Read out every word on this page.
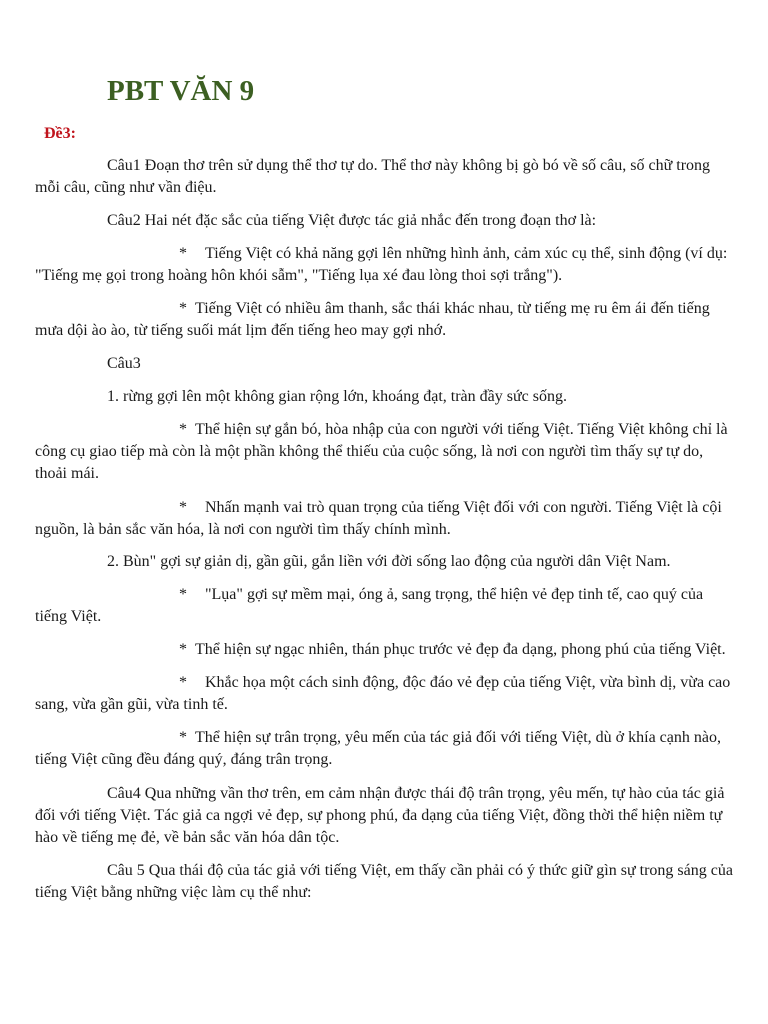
PBT VĂN 9
Đề3:

Câu1 Đoạn thơ trên sử dụng thể thơ tự do. Thể thơ này không bị gò bó về số câu, số chữ trong mỗi câu, cũng như vần điệu.

Câu2 Hai nét đặc sắc của tiếng Việt được tác giả nhắc đến trong đoạn thơ là:

* Tiếng Việt có khả năng gợi lên những hình ảnh, cảm xúc cụ thể, sinh động (ví dụ: "Tiếng mẹ gọi trong hoàng hôn khói sẫm", "Tiếng lụa xé đau lòng thoi sợi trắng").

* Tiếng Việt có nhiều âm thanh, sắc thái khác nhau, từ tiếng mẹ ru êm ái đến tiếng mưa dội ào ào, từ tiếng suối mát lịm đến tiếng heo may gợi nhớ.

Câu3

1. rừng gợi lên một không gian rộng lớn, khoáng đạt, tràn đầy sức sống.

* Thể hiện sự gắn bó, hòa nhập của con người với tiếng Việt. Tiếng Việt không chỉ là công cụ giao tiếp mà còn là một phần không thể thiếu của cuộc sống, là nơi con người tìm thấy sự tự do, thoải mái.

* Nhấn mạnh vai trò quan trọng của tiếng Việt đối với con người. Tiếng Việt là cội nguồn, là bản sắc văn hóa, là nơi con người tìm thấy chính mình.

2. Bùn" gợi sự giản dị, gần gũi, gắn liền với đời sống lao động của người dân Việt Nam.

* "Lụa" gợi sự mềm mại, óng ả, sang trọng, thể hiện vẻ đẹp tinh tế, cao quý của tiếng Việt.

* Thể hiện sự ngạc nhiên, thán phục trước vẻ đẹp đa dạng, phong phú của tiếng Việt.

* Khắc họa một cách sinh động, độc đáo vẻ đẹp của tiếng Việt, vừa bình dị, vừa cao sang, vừa gần gũi, vừa tinh tế.

* Thể hiện sự trân trọng, yêu mến của tác giả đối với tiếng Việt, dù ở khía cạnh nào, tiếng Việt cũng đều đáng quý, đáng trân trọng.

Câu4 Qua những vần thơ trên, em cảm nhận được thái độ trân trọng, yêu mến, tự hào của tác giả đối với tiếng Việt. Tác giả ca ngợi vẻ đẹp, sự phong phú, đa dạng của tiếng Việt, đồng thời thể hiện niềm tự hào về tiếng mẹ đẻ, về bản sắc văn hóa dân tộc.

Câu 5 Qua thái độ của tác giả với tiếng Việt, em thấy cần phải có ý thức giữ gìn sự trong sáng của tiếng Việt bằng những việc làm cụ thể như:
